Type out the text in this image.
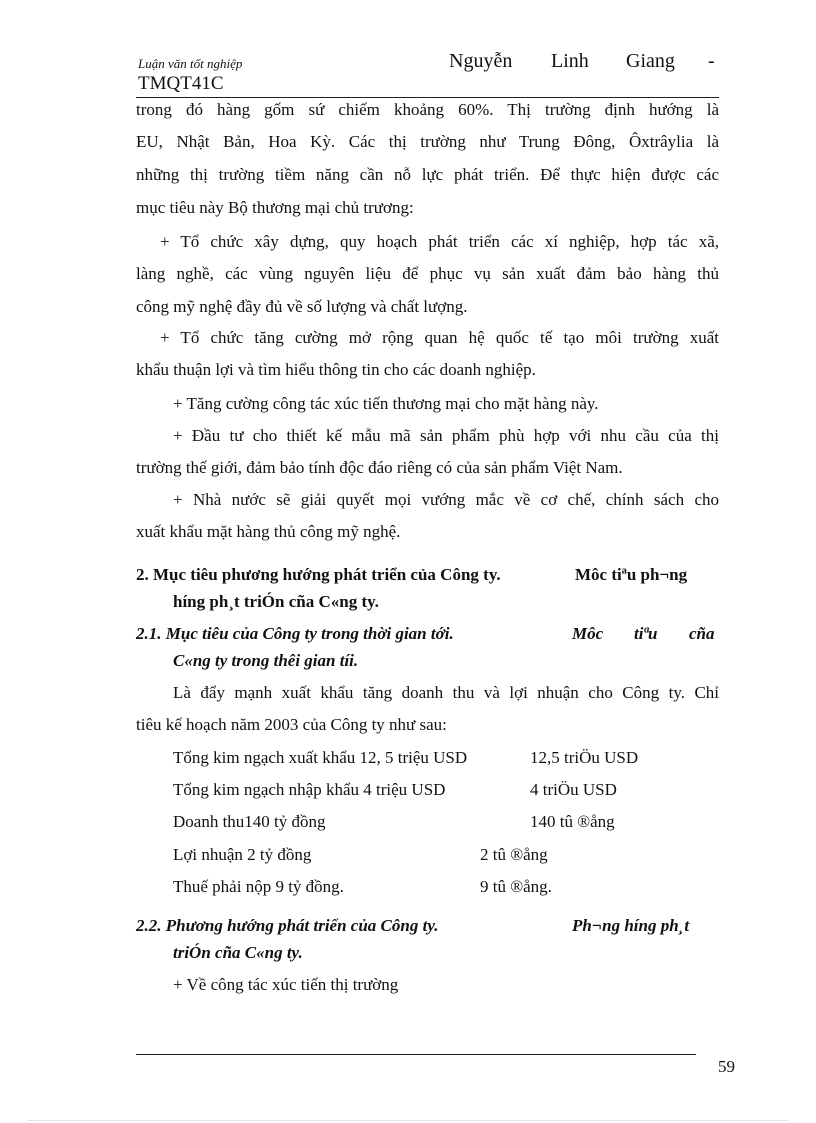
Luận văn tốt nghiệp	Nguyễn Linh Giang -
TMQT41C
trong đó hàng gốm sứ chiếm khoảng 60%. Thị trường định hướng là
EU, Nhật Bản, Hoa Kỳ. Các thị trường như Trung Đông, Ôxtrâylia là
những thị trường tiềm năng cần nỗ lực phát triển. Để thực hiện được các
mục tiêu này Bộ thương mại chủ trương:
+ Tổ chức xây dựng, quy hoạch phát triển các xí nghiệp, hợp tác xã,
làng nghề, các vùng nguyên liệu để phục vụ sản xuất đảm bảo hàng thủ
công mỹ nghệ đầy đủ về số lượng và chất lượng.
+ Tổ chức tăng cường mở rộng quan hệ quốc tế tạo môi trường xuất
khẩu thuận lợi và tìm hiểu thông tin cho các doanh nghiệp.
+ Tăng cường công tác xúc tiến thương mại cho mặt hàng này.
+ Đầu tư cho thiết kế mẫu mã sản phẩm phù hợp với nhu cầu của thị
trường thế giới, đảm bảo tính độc đáo riêng có của sản phẩm Việt Nam.
+ Nhà nước sẽ giải quyết mọi vướng mắc về cơ chế, chính sách cho
xuất khẩu mặt hàng thủ công mỹ nghệ.
2. Mục tiêu phương hướng phát triển của Công ty.	Môc tiªu ph¬ng
híng ph¸t triÓn cña C«ng ty.
2.1. Mục tiêu của Công ty trong thời gian tới.	Môc tiªu cña
C«ng ty trong thêi gian tíi.
Là đẩy mạnh xuất khẩu tăng doanh thu và lợi nhuận cho Công ty. Chỉ
tiêu kế hoạch năm 2003 của Công ty như sau:
Tổng kim ngạch xuất khẩu 12, 5 triệu USD	12,5 triÖu USD
Tổng kim ngạch nhập khẩu 4 triệu USD	4 triÖu USD
Doanh thu140 tỷ đồng	140 tû ®ång
Lợi nhuận 2 tỷ đồng	2 tû ®ång
Thuế phải nộp 9 tỷ đồng.	9 tû ®ång.
2.2. Phương hướng phát triển của Công ty.	Ph¬ng híng ph¸t
triÓn cña C«ng ty.
+ Về công tác xúc tiến thị trường
59
